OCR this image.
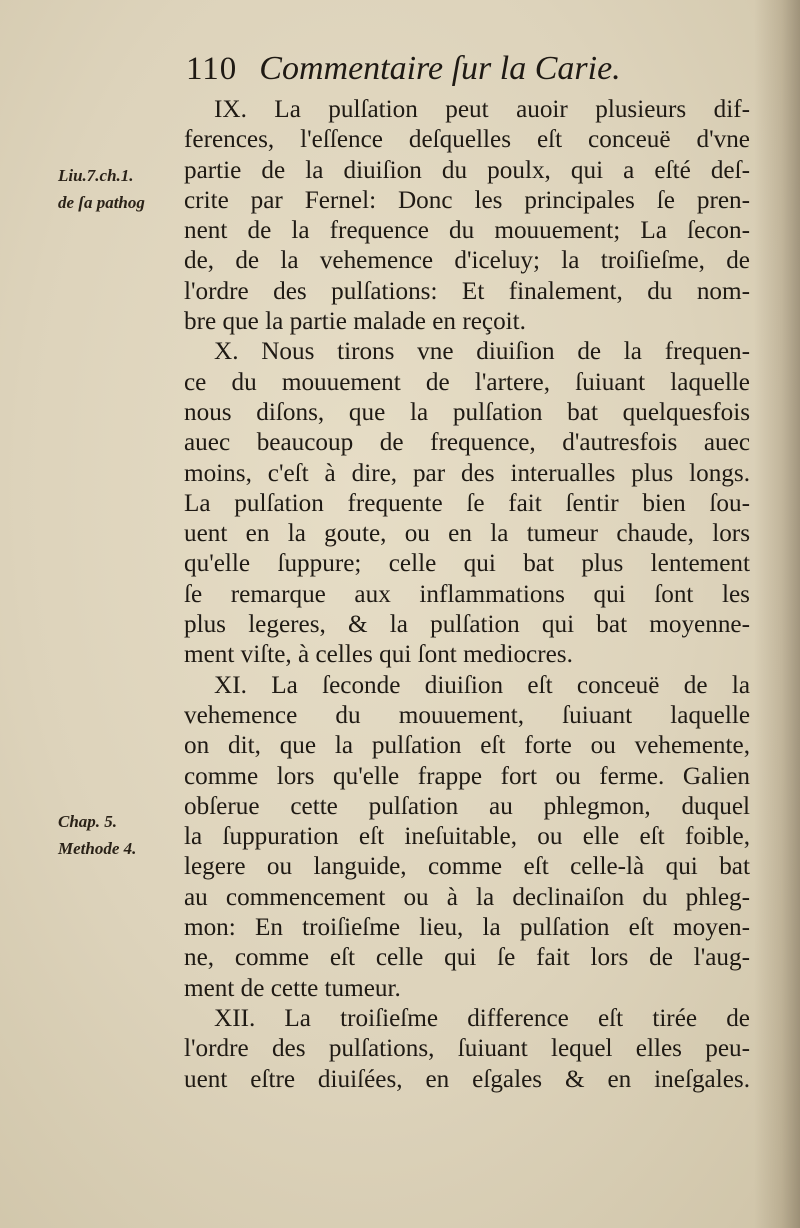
110 Commentaire ſur la Carie.
Liu.7.ch.1.
de ſa pathog
Chap. 5.
Methode 4.
IX. La pulſation peut auoir plusieurs dif-
ferences, l'eſſence deſquelles eſt conceuë d'vne
partie de la diuiſion du poulx, qui a eſté deſ-
crite par Fernel: Donc les principales ſe pren-
nent de la frequence du mouuement; La ſecon-
de, de la vehemence d'iceluy; la troiſieſme, de
l'ordre des pulſations: Et finalement, du nom-
bre que la partie malade en reçoit.
X. Nous tirons vne diuiſion de la frequen-
ce du mouuement de l'artere, ſuiuant laquelle
nous diſons, que la pulſation bat quelquesfois
auec beaucoup de frequence, d'autresfois auec
moins, c'eſt à dire, par des interualles plus longs.
La pulſation frequente ſe fait ſentir bien ſou-
uent en la goute, ou en la tumeur chaude, lors
qu'elle ſuppure; celle qui bat plus lentement
ſe remarque aux inflammations qui ſont les
plus legeres, & la pulſation qui bat moyenne-
ment viſte, à celles qui ſont mediocres.
XI. La ſeconde diuiſion eſt conceuë de la
vehemence du mouuement, ſuiuant laquelle
on dit, que la pulſation eſt forte ou vehemente,
comme lors qu'elle frappe fort ou ferme. Galien
obſerue cette pulſation au phlegmon, duquel
la ſuppuration eſt ineſuitable, ou elle eſt foible,
legere ou languide, comme eſt celle-là qui bat
au commencement ou à la declinaiſon du phleg-
mon: En troiſieſme lieu, la pulſation eſt moyen-
ne, comme eſt celle qui ſe fait lors de l'aug-
ment de cette tumeur.
XII. La troiſieſme difference eſt tirée de
l'ordre des pulſations, ſuiuant lequel elles peu-
uent eſtre diuiſées, en eſgales & en ineſgales.
